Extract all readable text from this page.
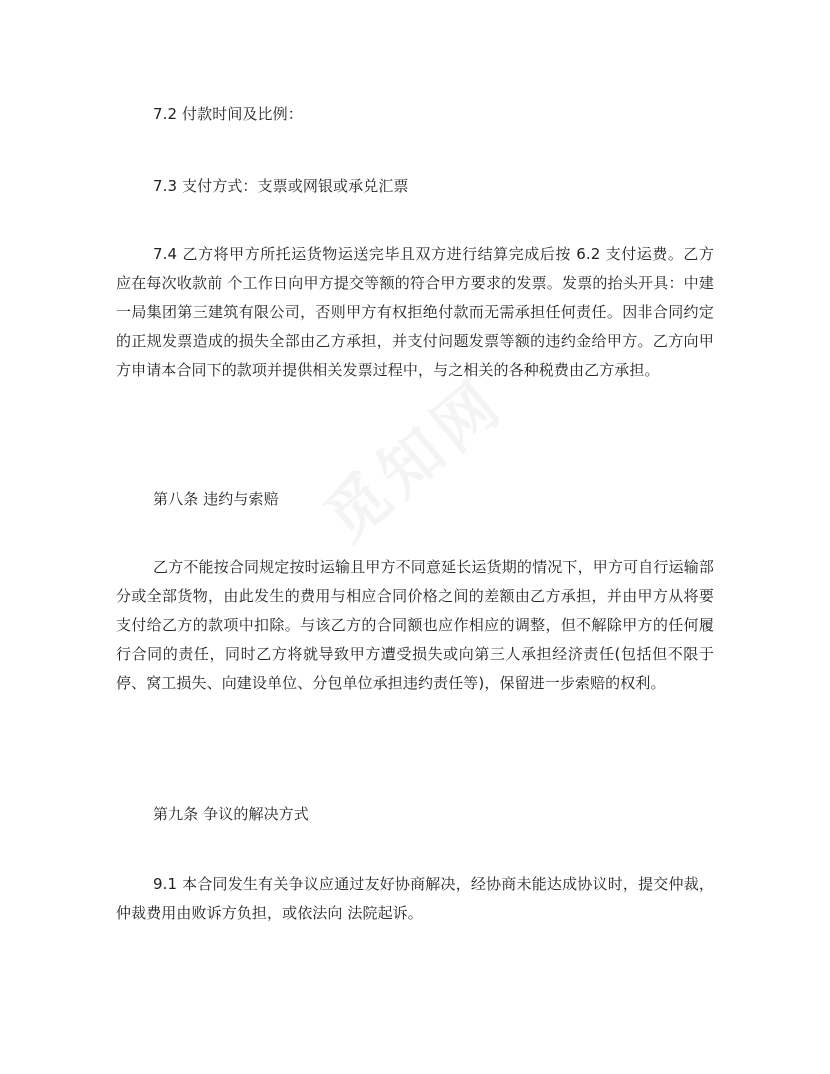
7.2 付款时间及比例：

7.3 支付方式：支票或网银或承兑汇票

7.4 乙方将甲方所托运货物运送完毕且双方进行结算完成后按 6.2 支付运费。乙方应在每次收款前 个工作日向甲方提交等额的符合甲方要求的发票。发票的抬头开具：中建一局集团第三建筑有限公司，否则甲方有权拒绝付款而无需承担任何责任。因非合同约定的正规发票造成的损失全部由乙方承担，并支付问题发票等额的违约金给甲方。乙方向甲方申请本合同下的款项并提供相关发票过程中，与之相关的各种税费由乙方承担。

第八条 违约与索赔

乙方不能按合同规定按时运输且甲方不同意延长运货期的情况下，甲方可自行运输部分或全部货物，由此发生的费用与相应合同价格之间的差额由乙方承担，并由甲方从将要支付给乙方的款项中扣除。与该乙方的合同额也应作相应的调整，但不解除甲方的任何履行合同的责任，同时乙方将就导致甲方遭受损失或向第三人承担经济责任(包括但不限于停、窝工损失、向建设单位、分包单位承担违约责任等)，保留进一步索赔的权利。

第九条 争议的解决方式

9.1 本合同发生有关争议应通过友好协商解决，经协商未能达成协议时，提交仲裁，仲裁费用由败诉方负担，或依法向 法院起诉。
